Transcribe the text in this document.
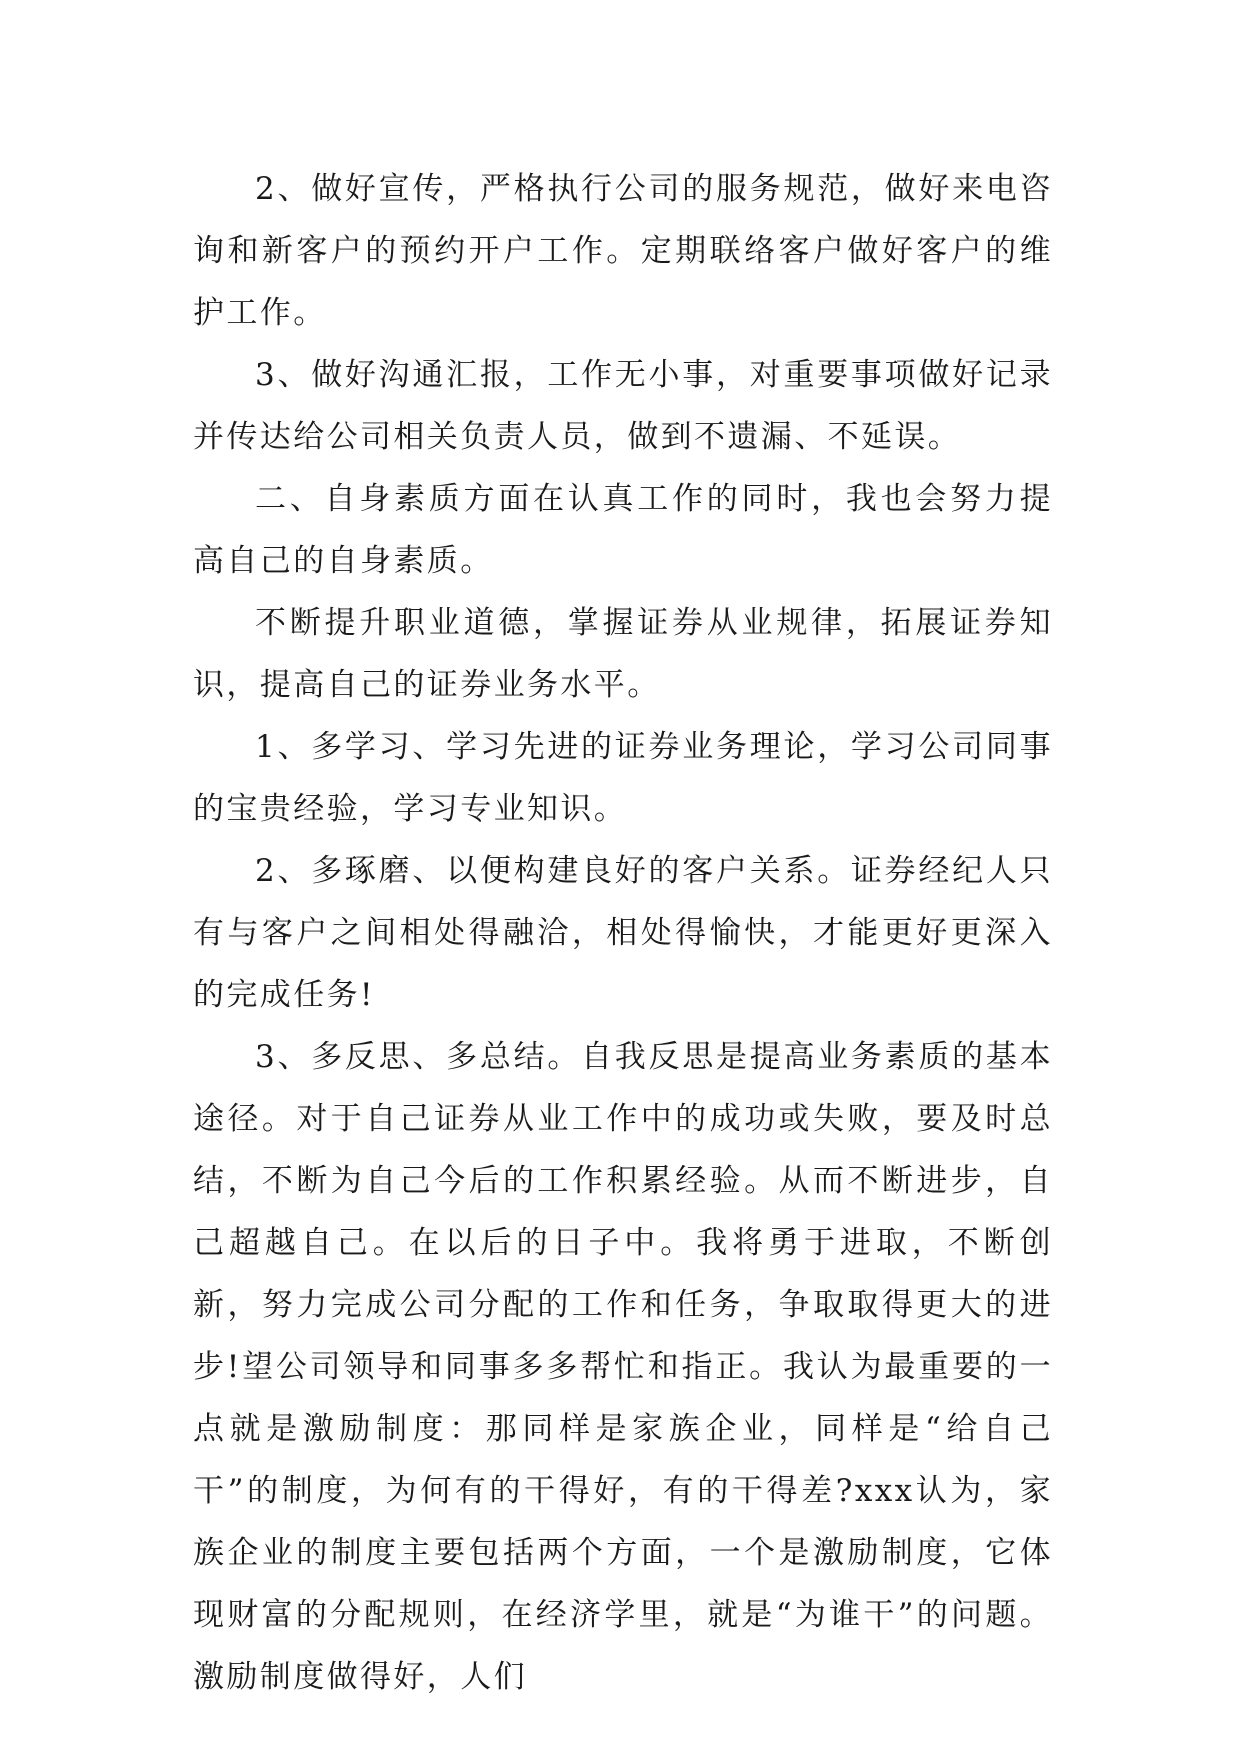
2、做好宣传，严格执行公司的服务规范，做好来电咨询和新客户的预约开户工作。定期联络客户做好客户的维护工作。

3、做好沟通汇报，工作无小事，对重要事项做好记录并传达给公司相关负责人员，做到不遗漏、不延误。

二、自身素质方面在认真工作的同时，我也会努力提高自己的自身素质。

不断提升职业道德，掌握证券从业规律，拓展证券知识，提高自己的证券业务水平。

1、多学习、学习先进的证券业务理论，学习公司同事的宝贵经验，学习专业知识。

2、多琢磨、以便构建良好的客户关系。证券经纪人只有与客户之间相处得融洽，相处得愉快，才能更好更深入的完成任务!

3、多反思、多总结。自我反思是提高业务素质的基本途径。对于自己证券从业工作中的成功或失败，要及时总结，不断为自己今后的工作积累经验。从而不断进步，自己超越自己。在以后的日子中。我将勇于进取，不断创新，努力完成公司分配的工作和任务，争取取得更大的进步!望公司领导和同事多多帮忙和指正。我认为最重要的一点就是激励制度：那同样是家族企业，同样是“给自己干”的制度，为何有的干得好，有的干得差?xxx认为，家族企业的制度主要包括两个方面，一个是激励制度，它体现财富的分配规则，在经济学里，就是“为谁干”的问题。激励制度做得好，人们
